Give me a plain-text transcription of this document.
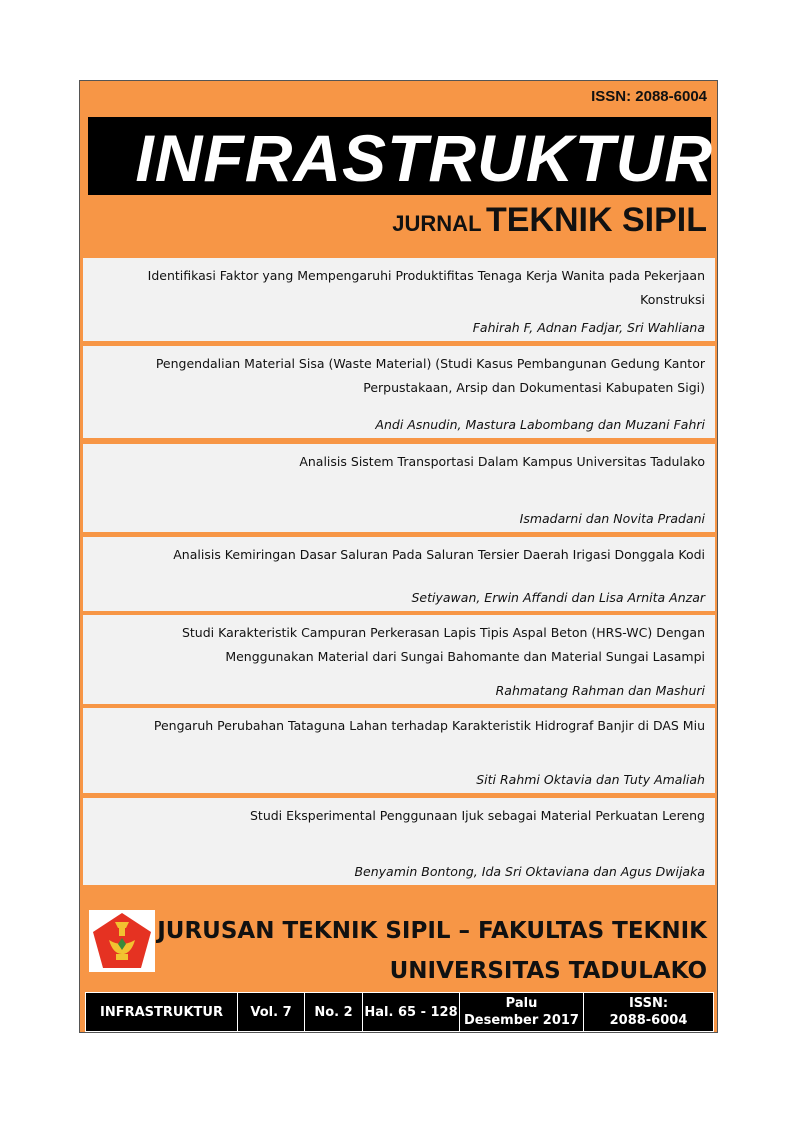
ISSN: 2088-6004
INFRASTRUKTUR
JURNAL TEKNIK SIPIL
Identifikasi Faktor yang Mempengaruhi Produktifitas Tenaga Kerja Wanita pada Pekerjaan Konstruksi
Fahirah F, Adnan Fadjar, Sri Wahliana
Pengendalian Material Sisa (Waste Material) (Studi Kasus Pembangunan Gedung Kantor Perpustakaan, Arsip dan Dokumentasi Kabupaten Sigi)
Andi Asnudin, Mastura Labombang dan Muzani Fahri
Analisis Sistem Transportasi Dalam Kampus Universitas Tadulako
Ismadarni dan Novita Pradani
Analisis Kemiringan Dasar Saluran Pada Saluran Tersier Daerah Irigasi Donggala Kodi
Setiyawan, Erwin Affandi dan Lisa Arnita Anzar
Studi Karakteristik Campuran Perkerasan Lapis Tipis Aspal Beton (HRS-WC) Dengan Menggunakan Material dari Sungai Bahomante dan Material Sungai Lasampi
Rahmatang Rahman dan Mashuri
Pengaruh Perubahan Tataguna Lahan terhadap Karakteristik Hidrograf Banjir di DAS Miu
Siti Rahmi Oktavia dan Tuty Amaliah
Studi Eksperimental Penggunaan Ijuk sebagai Material Perkuatan Lereng
Benyamin Bontong, Ida Sri Oktaviana dan Agus Dwijaka
JURUSAN TEKNIK SIPIL – FAKULTAS TEKNIK
UNIVERSITAS TADULAKO
INFRASTRUKTUR	Vol. 7	No. 2 Hal. 65 - 128
Palu
Desember 2017
ISSN:
2088-6004
